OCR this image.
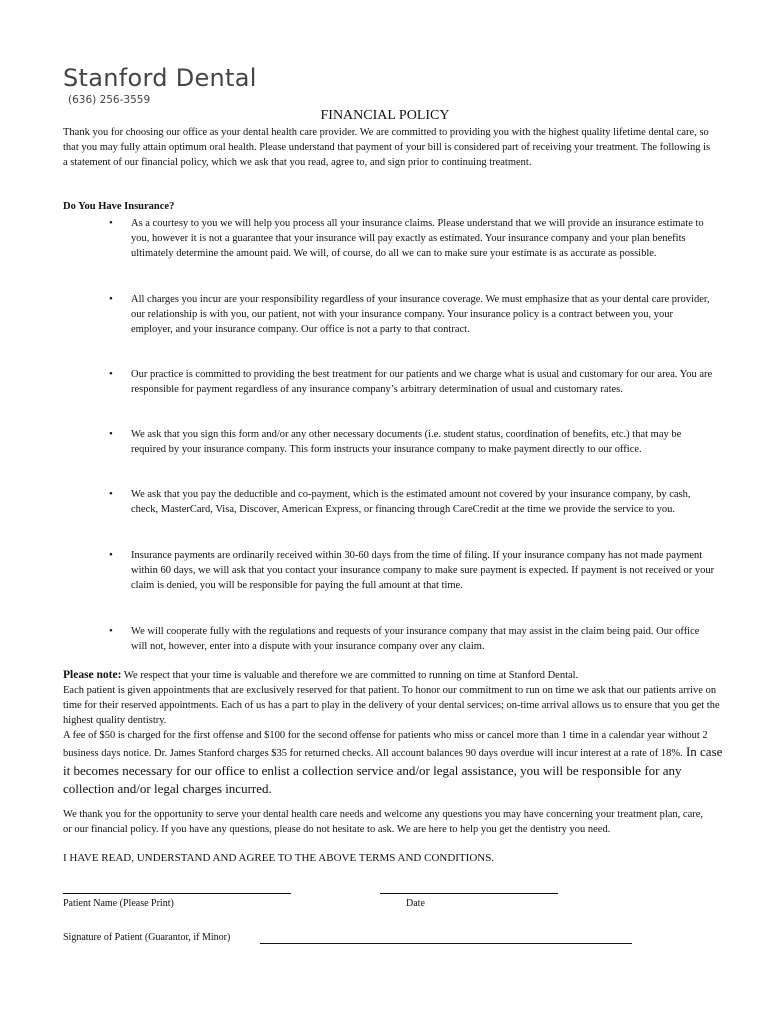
Stanford Dental
(636) 256-3559
FINANCIAL POLICY
Thank you for choosing our office as your dental health care provider. We are committed to providing you with the highest quality lifetime dental care, so that you may fully attain optimum oral health. Please understand that payment of your bill is considered part of receiving your treatment. The following is a statement of our financial policy, which we ask that you read, agree to, and sign prior to continuing treatment.
Do You Have Insurance?
• As a courtesy to you we will help you process all your insurance claims. Please understand that we will provide an insurance estimate to you, however it is not a guarantee that your insurance will pay exactly as estimated. Your insurance company and your plan benefits ultimately determine the amount paid. We will, of course, do all we can to make sure your estimate is as accurate as possible.
• All charges you incur are your responsibility regardless of your insurance coverage. We must emphasize that as your dental care provider, our relationship is with you, our patient, not with your insurance company. Your insurance policy is a contract between you, your employer, and your insurance company. Our office is not a party to that contract.
• Our practice is committed to providing the best treatment for our patients and we charge what is usual and customary for our area. You are responsible for payment regardless of any insurance company’s arbitrary determination of usual and customary rates.
• We ask that you sign this form and/or any other necessary documents (i.e. student status, coordination of benefits, etc.) that may be required by your insurance company. This form instructs your insurance company to make payment directly to our office.
• We ask that you pay the deductible and co-payment, which is the estimated amount not covered by your insurance company, by cash, check, MasterCard, Visa, Discover, American Express, or financing through CareCredit at the time we provide the service to you.
• Insurance payments are ordinarily received within 30-60 days from the time of filing. If your insurance company has not made payment within 60 days, we will ask that you contact your insurance company to make sure payment is expected. If payment is not received or your claim is denied, you will be responsible for paying the full amount at that time.
• We will cooperate fully with the regulations and requests of your insurance company that may assist in the claim being paid. Our office will not, however, enter into a dispute with your insurance company over any claim.
Please note: We respect that your time is valuable and therefore we are committed to running on time at Stanford Dental.
Each patient is given appointments that are exclusively reserved for that patient. To honor our commitment to run on time we ask that our patients arrive on time for their reserved appointments. Each of us has a part to play in the delivery of your dental services; on-time arrival allows us to ensure that you get the highest quality dentistry.
A fee of $50 is charged for the first offense and $100 for the second offense for patients who miss or cancel more than 1 time in a calendar year without 2 business days notice. Dr. James Stanford charges $35 for returned checks. All account balances 90 days overdue will incur interest at a rate of 18%. In case it becomes necessary for our office to enlist a collection service and/or legal assistance, you will be responsible for any collection and/or legal charges incurred.
We thank you for the opportunity to serve your dental health care needs and welcome any questions you may have concerning your treatment plan, care, or our financial policy. If you have any questions, please do not hesitate to ask. We are here to help you get the dentistry you need.
I HAVE READ, UNDERSTAND AND AGREE TO THE ABOVE TERMS AND CONDITIONS.
Patient Name (Please Print)	Date
Signature of Patient (Guarantor, if Minor)
